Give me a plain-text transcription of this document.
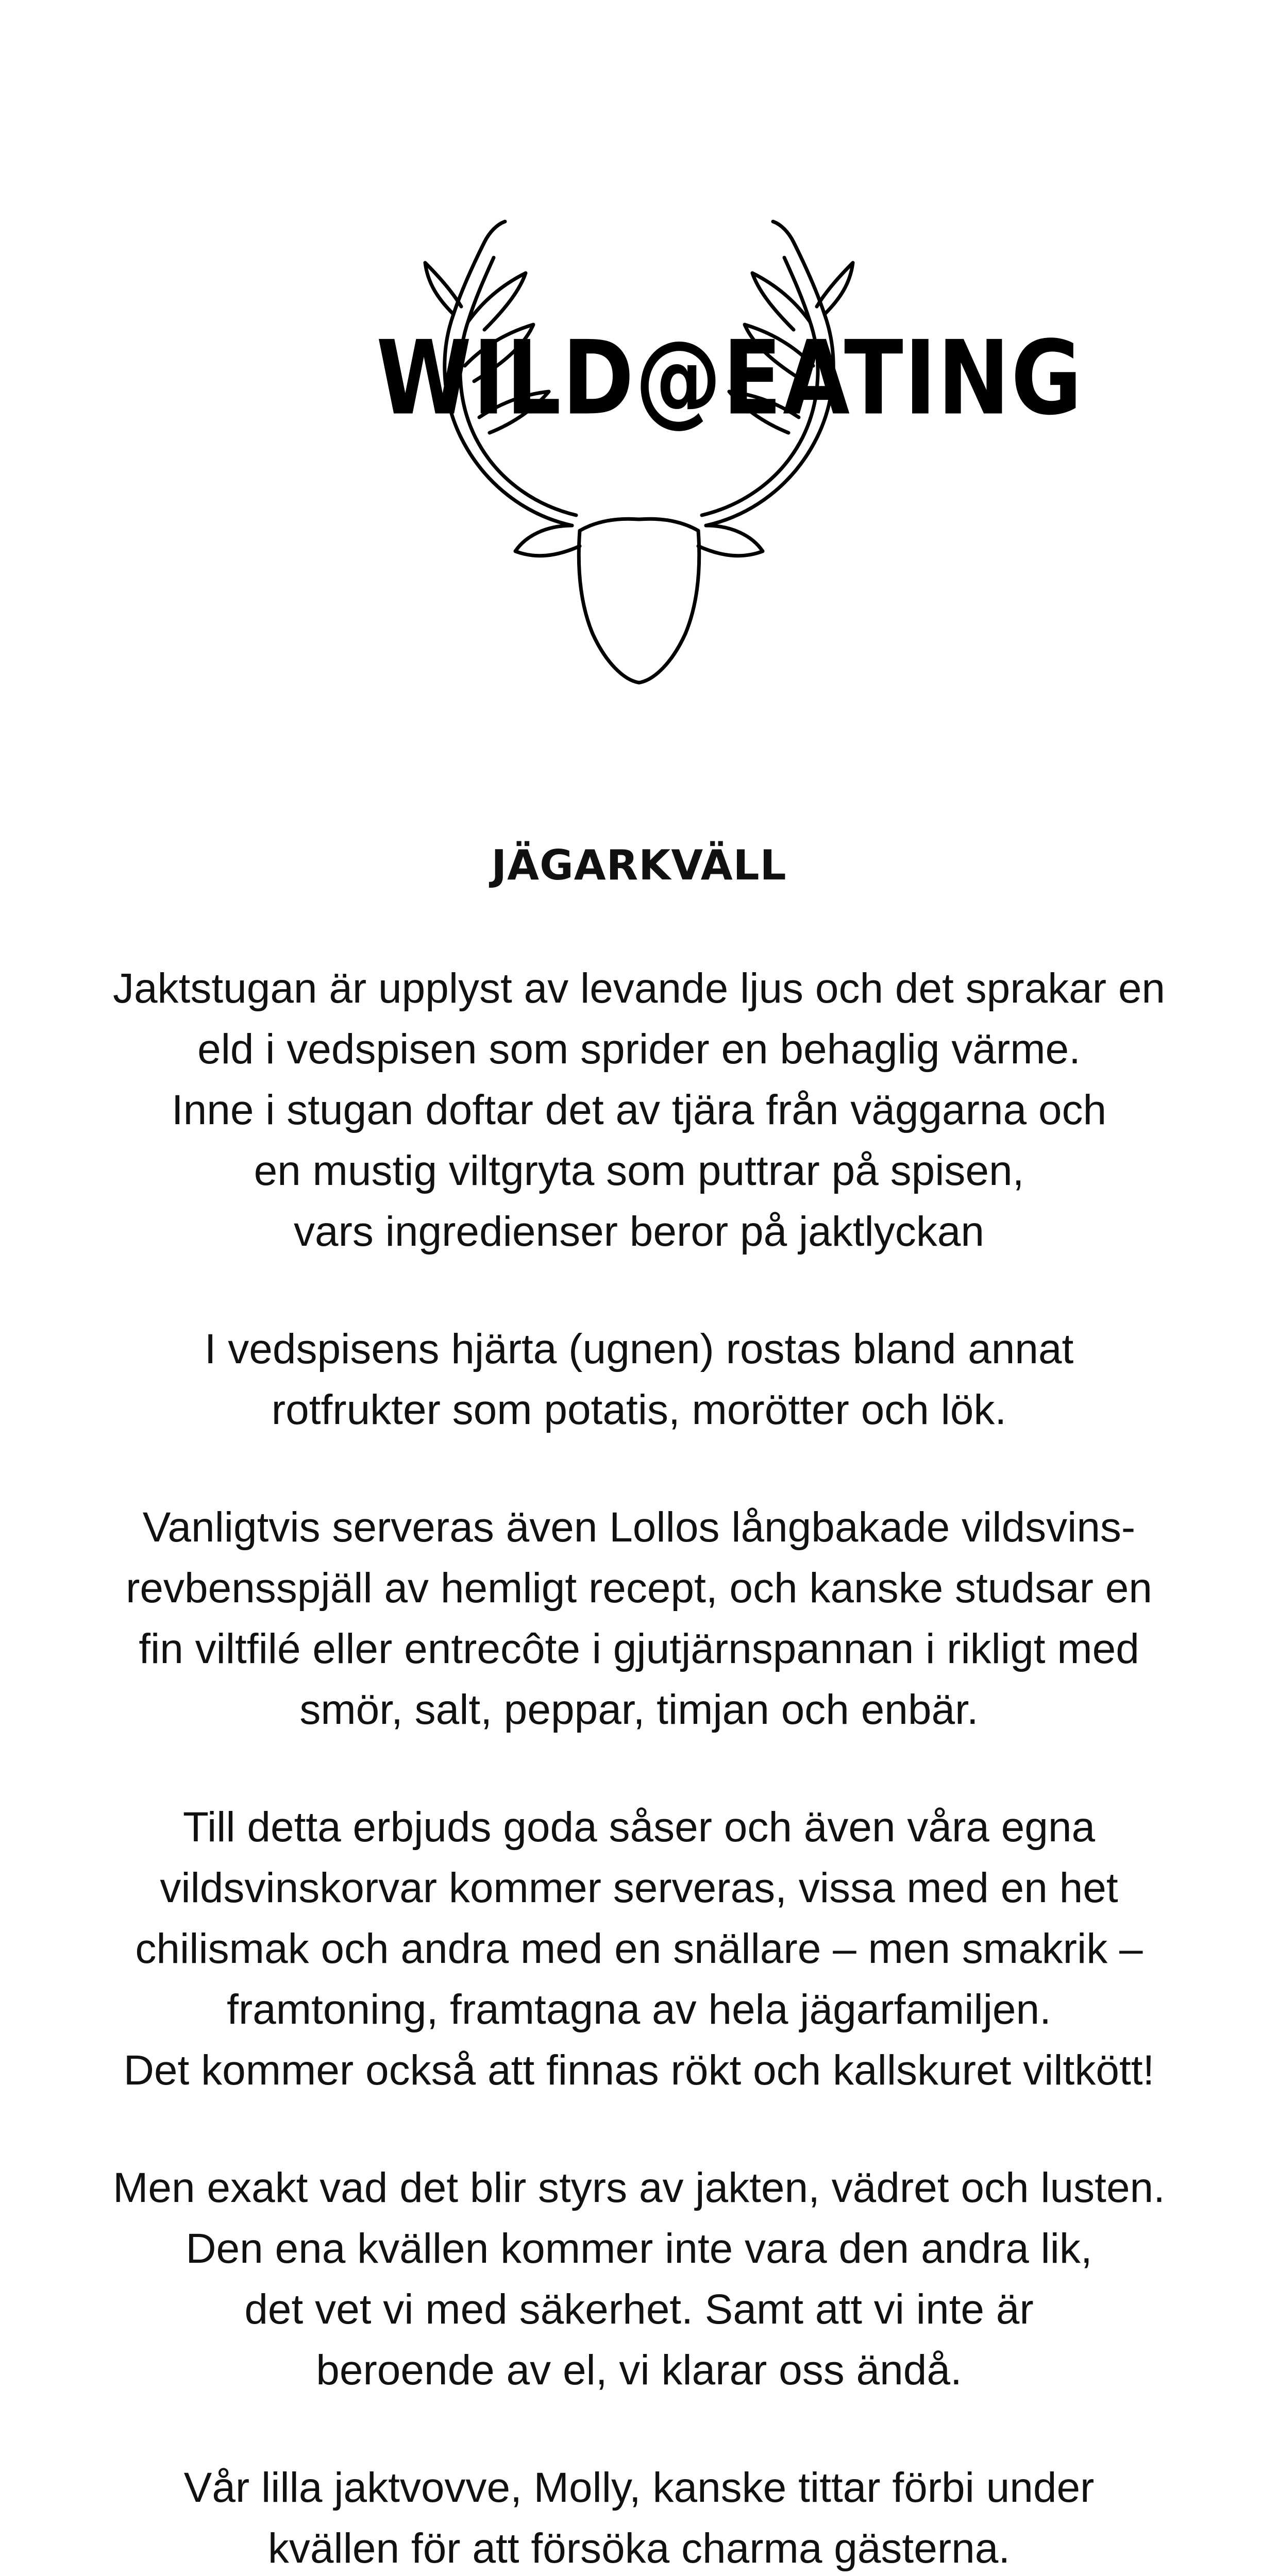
WILD@EATING
JÄGARKVÄLL

Jaktstugan är upplyst av levande ljus och det sprakar en
eld i vedspisen som sprider en behaglig värme.
Inne i stugan doftar det av tjära från väggarna och
en mustig viltgryta som puttrar på spisen,
vars ingredienser beror på jaktlyckan

I vedspisens hjärta (ugnen) rostas bland annat
rotfrukter som potatis, morötter och lök.

Vanligtvis serveras även Lollos långbakade vildsvins-
revbensspjäll av hemligt recept, och kanske studsar en
fin viltfilé eller entrecôte i gjutjärnspannan i rikligt med
smör, salt, peppar, timjan och enbär.

Till detta erbjuds goda såser och även våra egna
vildsvinskorvar kommer serveras, vissa med en het
chilismak och andra med en snällare – men smakrik –
framtoning, framtagna av hela jägarfamiljen.
Det kommer också att finnas rökt och kallskuret viltkött!

Men exakt vad det blir styrs av jakten, vädret och lusten.
Den ena kvällen kommer inte vara den andra lik,
det vet vi med säkerhet. Samt att vi inte är
beroende av el, vi klarar oss ändå.

Vår lilla jaktvovve, Molly, kanske tittar förbi under
kvällen för att försöka charma gästerna.
